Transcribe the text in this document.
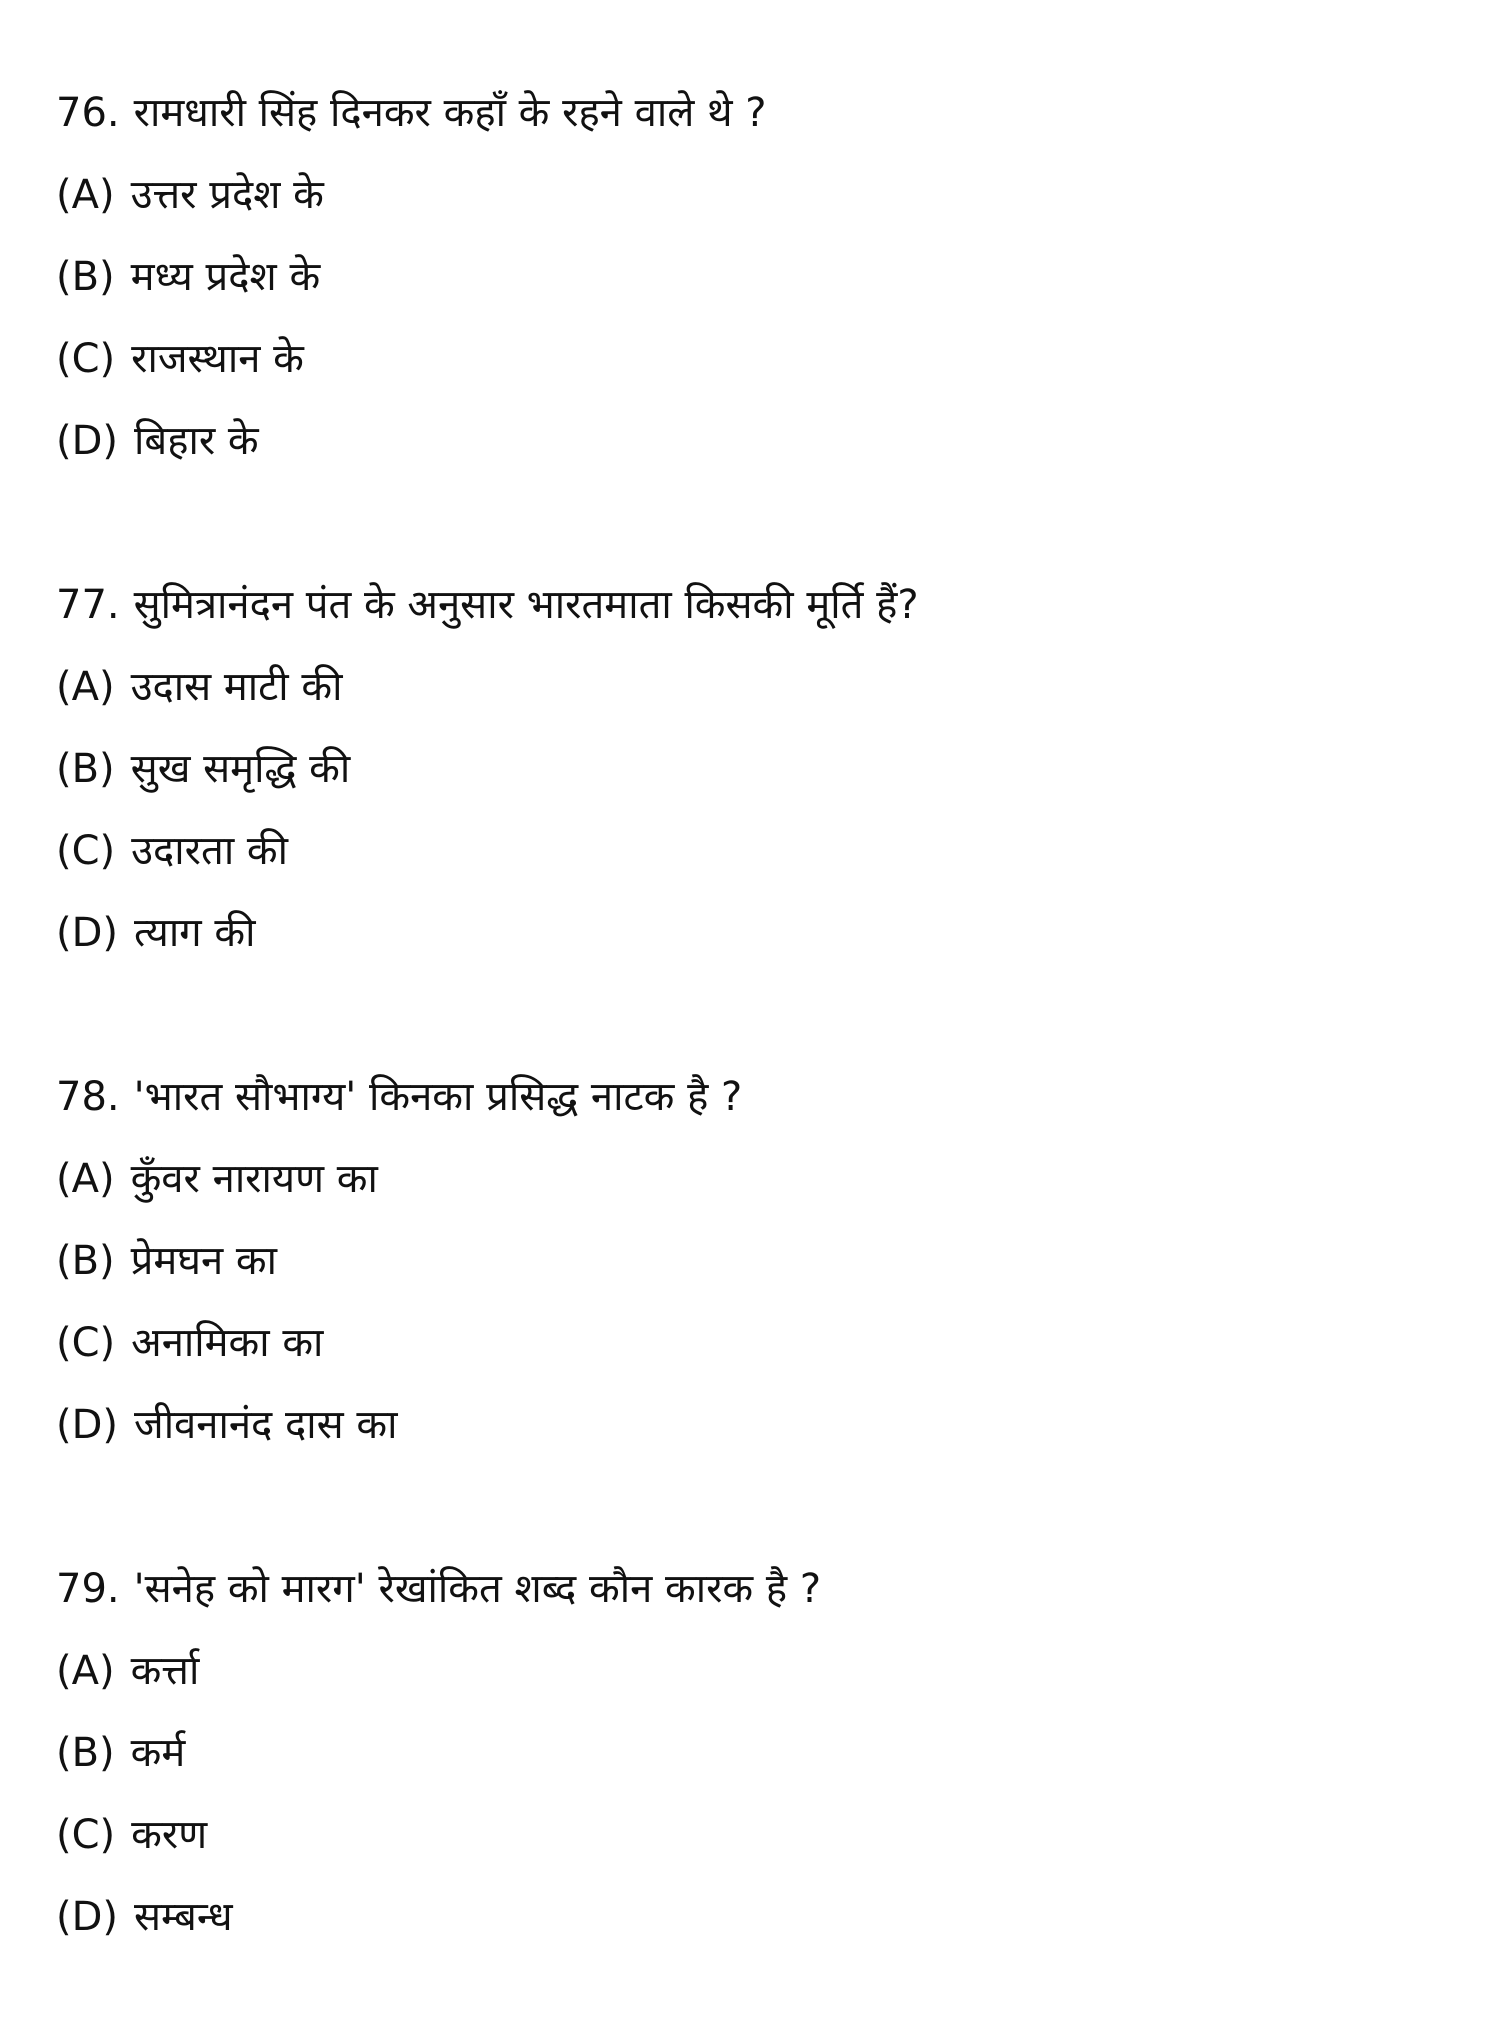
76. रामधारी सिंह दिनकर कहाँ के रहने वाले थे ?
(A) उत्तर प्रदेश के
(B) मध्य प्रदेश के
(C) राजस्थान के
(D) बिहार के
77. सुमित्रानंदन पंत के अनुसार भारतमाता किसकी मूर्ति हैं?
(A) उदास माटी की
(B) सुख समृद्धि की
(C) उदारता की
(D) त्याग की
78. 'भारत सौभाग्य' किनका प्रसिद्ध नाटक है ?
(A) कुँवर नारायण का
(B) प्रेमघन का
(C) अनामिका का
(D) जीवनानंद दास का
79. 'सनेह को मारग' रेखांकित शब्द कौन कारक है ?
(A) कर्त्ता
(B) कर्म
(C) करण
(D) सम्बन्ध
